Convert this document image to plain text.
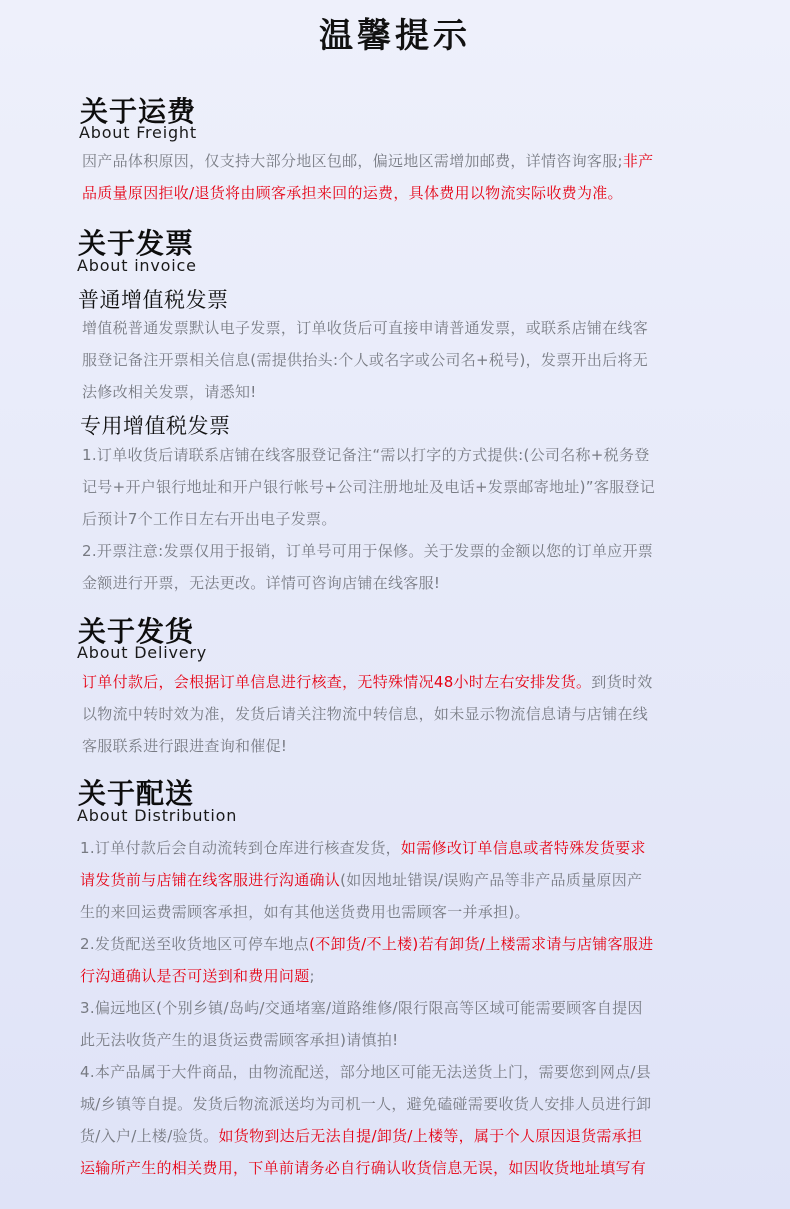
温馨提示
关于运费
About Freight
因产品体积原因，仅支持大部分地区包邮，偏远地区需增加邮费，详情咨询客服;非产
品质量原因拒收/退货将由顾客承担来回的运费，具体费用以物流实际收费为准。
关于发票
About invoice
普通增值税发票
增值税普通发票默认电子发票，订单收货后可直接申请普通发票，或联系店铺在线客
服登记备注开票相关信息(需提供抬头:个人或名字或公司名+税号)，发票开出后将无
法修改相关发票，请悉知!
专用增值税发票
1.订单收货后请联系店铺在线客服登记备注“需以打字的方式提供:(公司名称+税务登
记号+开户银行地址和开户银行帐号+公司注册地址及电话+发票邮寄地址)”客服登记
后预计7个工作日左右开出电子发票。
2.开票注意:发票仅用于报销，订单号可用于保修。关于发票的金额以您的订单应开票
金额进行开票，无法更改。详情可咨询店铺在线客服!
关于发货
About Delivery
订单付款后，会根据订单信息进行核查，无特殊情况48小时左右安排发货。到货时效
以物流中转时效为准，发货后请关注物流中转信息，如未显示物流信息请与店铺在线
客服联系进行跟进查询和催促!
关于配送
About Distribution
1.订单付款后会自动流转到仓库进行核查发货，如需修改订单信息或者特殊发货要求
请发货前与店铺在线客服进行沟通确认(如因地址错误/误购产品等非产品质量原因产
生的来回运费需顾客承担，如有其他送货费用也需顾客一并承担)。
2.发货配送至收货地区可停车地点(不卸货/不上楼)若有卸货/上楼需求请与店铺客服进
行沟通确认是否可送到和费用问题;
3.偏远地区(个别乡镇/岛屿/交通堵塞/道路维修/限行限高等区域可能需要顾客自提因
此无法收货产生的退货运费需顾客承担)请慎拍!
4.本产品属于大件商品，由物流配送，部分地区可能无法送货上门，需要您到网点/县
城/乡镇等自提。发货后物流派送均为司机一人，避免磕碰需要收货人安排人员进行卸
货/入户/上楼/验货。如货物到达后无法自提/卸货/上楼等，属于个人原因退货需承担
运输所产生的相关费用，下单前请务必自行确认收货信息无误，如因收货地址填写有
